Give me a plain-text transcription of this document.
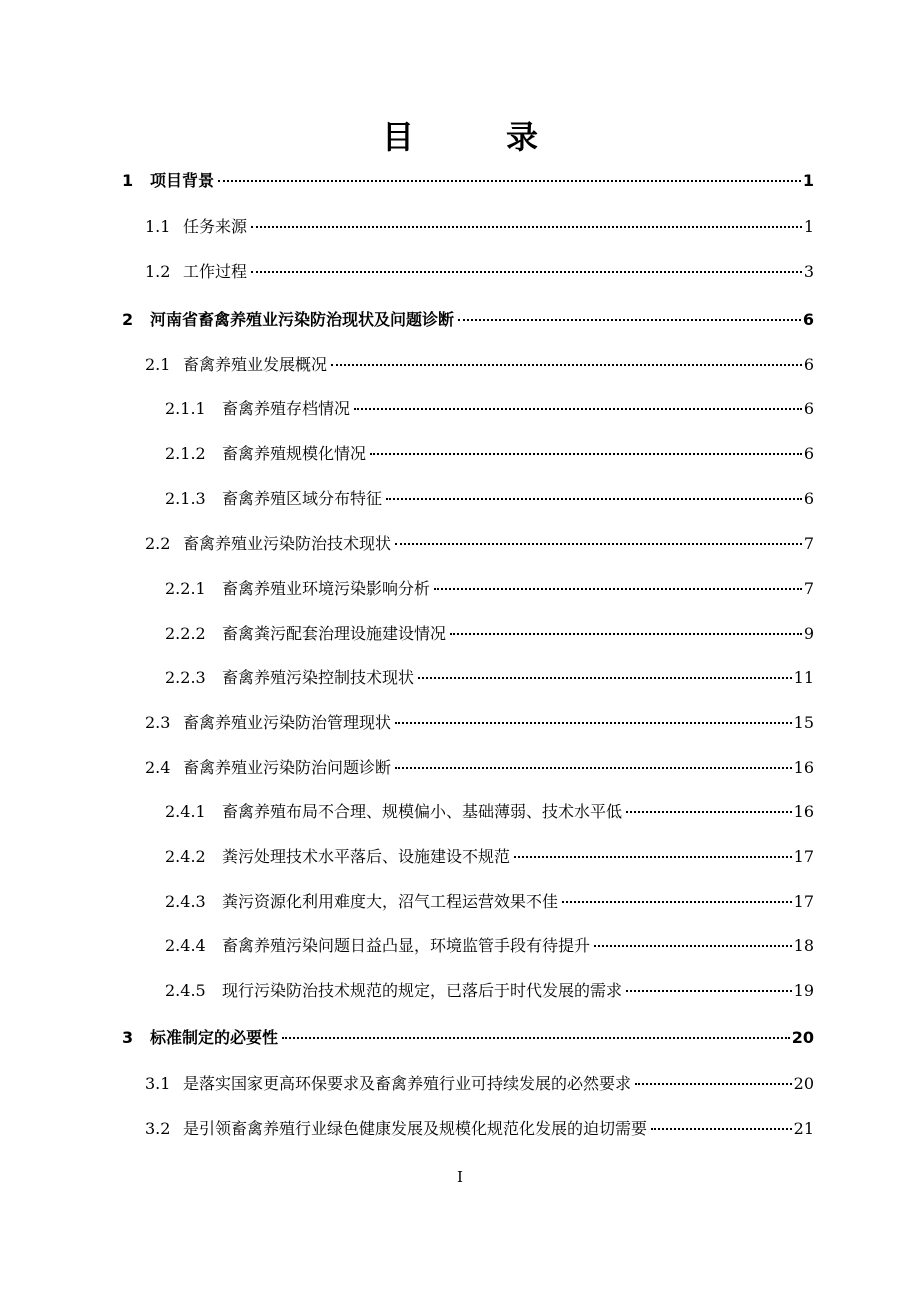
目　录
1	项目背景	1
1.1 任务来源	1
1.2 工作过程	3
2	河南省畜禽养殖业污染防治现状及问题诊断	6
2.1 畜禽养殖业发展概况	6
2.1.1	畜禽养殖存档情况	6
2.1.2	畜禽养殖规模化情况	6
2.1.3	畜禽养殖区域分布特征	6
2.2 畜禽养殖业污染防治技术现状	7
2.2.1	畜禽养殖业环境污染影响分析	7
2.2.2	畜禽粪污配套治理设施建设情况	9
2.2.3	畜禽养殖污染控制技术现状	11
2.3 畜禽养殖业污染防治管理现状	15
2.4 畜禽养殖业污染防治问题诊断	16
2.4.1	畜禽养殖布局不合理、规模偏小、基础薄弱、技术水平低	16
2.4.2	粪污处理技术水平落后、设施建设不规范	17
2.4.3	粪污资源化利用难度大，沼气工程运营效果不佳	17
2.4.4	畜禽养殖污染问题日益凸显，环境监管手段有待提升	18
2.4.5	现行污染防治技术规范的规定，已落后于时代发展的需求	19
3	标准制定的必要性	20
3.1 是落实国家更高环保要求及畜禽养殖行业可持续发展的必然要求	20
3.2 是引领畜禽养殖行业绿色健康发展及规模化规范化发展的迫切需要	21
I
